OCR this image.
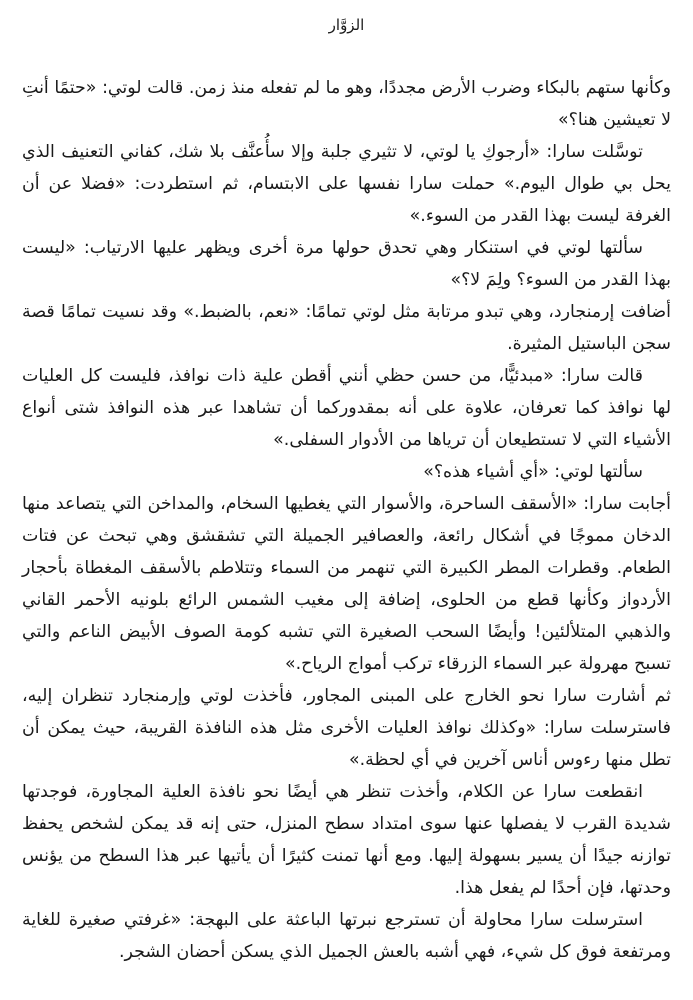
الزوَّار

وكأنها ستهم بالبكاء وضرب الأرض مجددًا، وهو ما لم تفعله منذ زمن. قالت لوتي: «حتمًا أنتِ لا تعيشين هنا؟»

توسَّلت سارا: «أرجوكِ يا لوتي، لا تثيري جلبة وإلا سأُعنَّف بلا شك، كفاني التعنيف الذي يحل بي طوال اليوم.» حملت سارا نفسها على الابتسام، ثم استطردت: «فضلا عن أن الغرفة ليست بهذا القدر من السوء.»

سألتها لوتي في استنكار وهي تحدق حولها مرة أخرى ويظهر عليها الارتياب: «ليست بهذا القدر من السوء؟ ولِمَ لا؟»

أضافت إرمنجارد، وهي تبدو مرتابة مثل لوتي تمامًا: «نعم، بالضبط.» وقد نسيت تمامًا قصة سجن الباستيل المثيرة.

قالت سارا: «مبدئيًّا، من حسن حظي أنني أقطن علية ذات نوافذ، فليست كل العليات لها نوافذ كما تعرفان، علاوة على أنه بمقدوركما أن تشاهدا عبر هذه النوافذ شتى أنواع الأشياء التي لا تستطيعان أن ترياها من الأدوار السفلى.»

سألتها لوتي: «أي أشياء هذه؟»

أجابت سارا: «الأسقف الساحرة، والأسوار التي يغطيها السخام، والمداخن التي يتصاعد منها الدخان مموجًا في أشكال رائعة، والعصافير الجميلة التي تشقشق وهي تبحث عن فتات الطعام. وقطرات المطر الكبيرة التي تنهمر من السماء وتتلاطم بالأسقف المغطاة بأحجار الأردواز وكأنها قطع من الحلوى، إضافة إلى مغيب الشمس الرائع بلونيه الأحمر القاني والذهبي المتلألئين! وأيضًا السحب الصغيرة التي تشبه كومة الصوف الأبيض الناعم والتي تسبح مهرولة عبر السماء الزرقاء تركب أمواج الرياح.»

ثم أشارت سارا نحو الخارج على المبنى المجاور، فأخذت لوتي وإرمنجارد تنظران إليه، فاسترسلت سارا: «وكذلك نوافذ العليات الأخرى مثل هذه النافذة القريبة، حيث يمكن أن تطل منها رءوس أناس آخرين في أي لحظة.»

انقطعت سارا عن الكلام، وأخذت تنظر هي أيضًا نحو نافذة العلية المجاورة، فوجدتها شديدة القرب لا يفصلها عنها سوى امتداد سطح المنزل، حتى إنه قد يمكن لشخص يحفظ توازنه جيدًا أن يسير بسهولة إليها. ومع أنها تمنت كثيرًا أن يأتيها عبر هذا السطح من يؤنس وحدتها، فإن أحدًا لم يفعل هذا.

استرسلت سارا محاولة أن تسترجع نبرتها الباعثة على البهجة: «غرفتي صغيرة للغاية ومرتفعة فوق كل شيء، فهي أشبه بالعش الجميل الذي يسكن أحضان الشجر.
